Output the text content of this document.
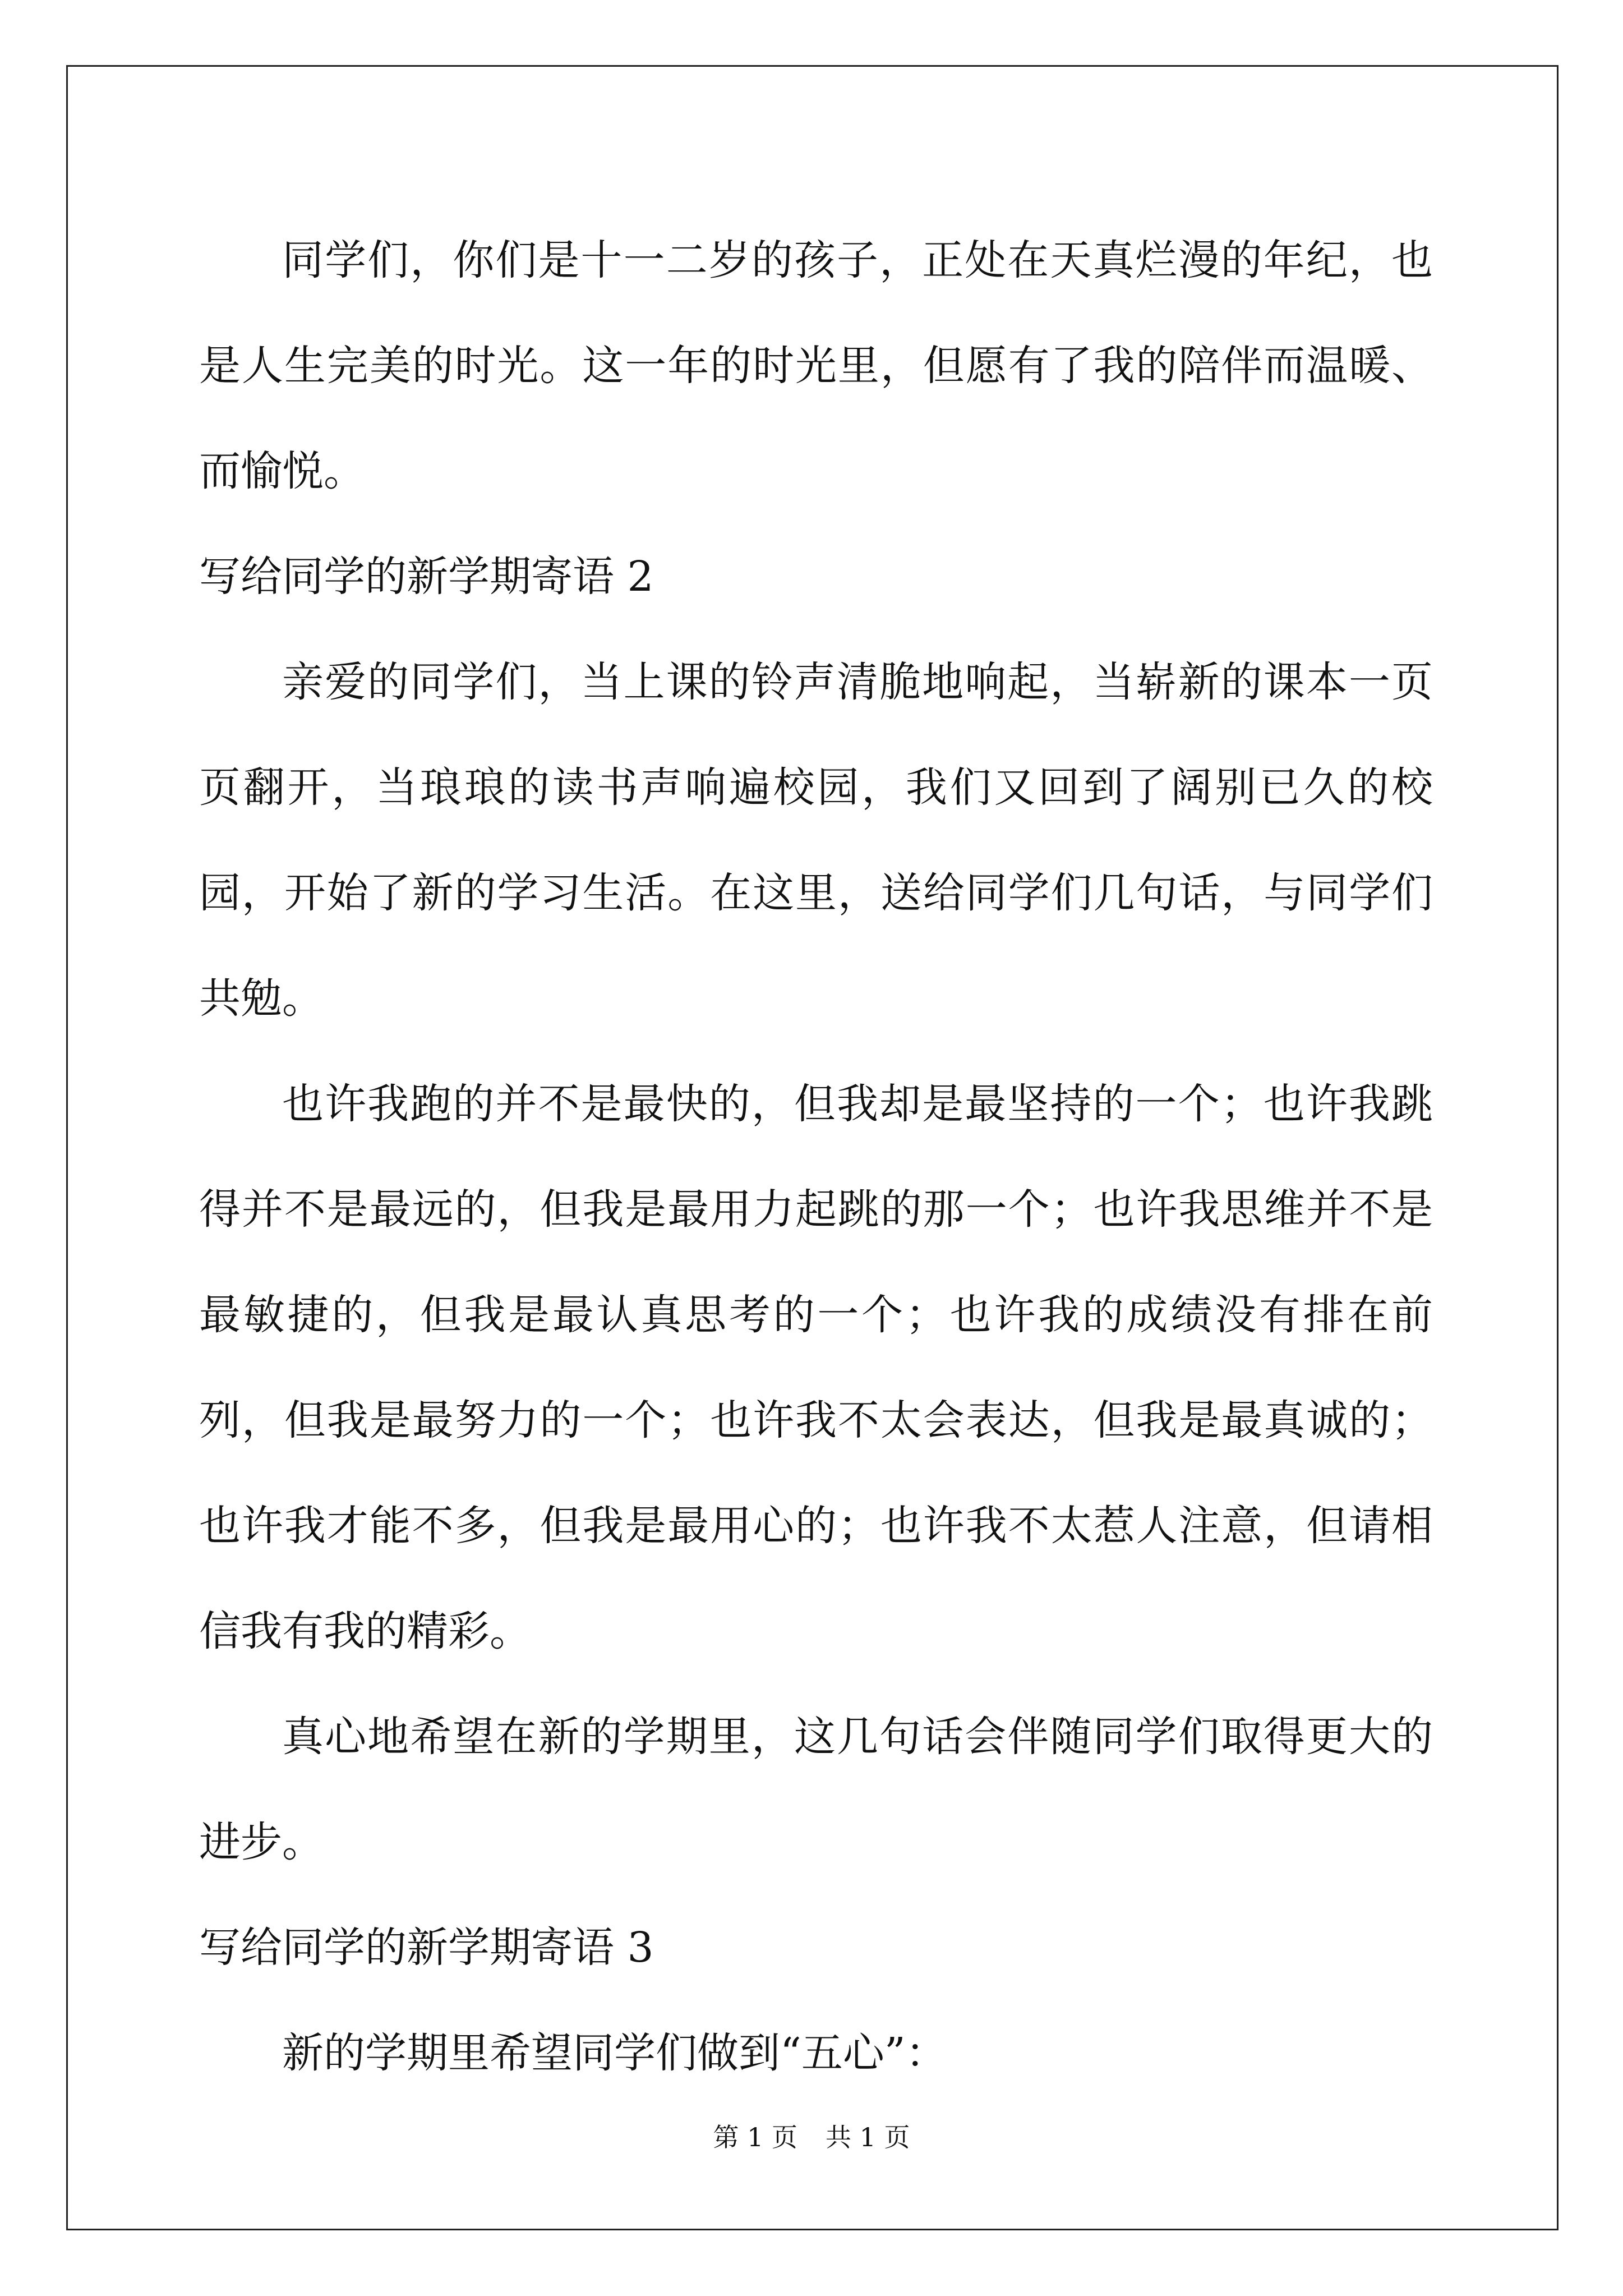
同学们，你们是十一二岁的孩子，正处在天真烂漫的年纪，也是人生完美的时光。这一年的时光里，但愿有了我的陪伴而温暖、而愉悦。

写给同学的新学期寄语 2

亲爱的同学们，当上课的铃声清脆地响起，当崭新的课本一页页翻开，当琅琅的读书声响遍校园，我们又回到了阔别已久的校园，开始了新的学习生活。在这里，送给同学们几句话，与同学们共勉。

也许我跑的并不是最快的，但我却是最坚持的一个；也许我跳得并不是最远的，但我是最用力起跳的那一个；也许我思维并不是最敏捷的，但我是最认真思考的一个；也许我的成绩没有排在前列，但我是最努力的一个；也许我不太会表达，但我是最真诚的；也许我才能不多，但我是最用心的；也许我不太惹人注意，但请相信我有我的精彩。

真心地希望在新的学期里，这几句话会伴随同学们取得更大的进步。

写给同学的新学期寄语 3

新的学期里希望同学们做到“五心”：

第 1 页 共 1 页
